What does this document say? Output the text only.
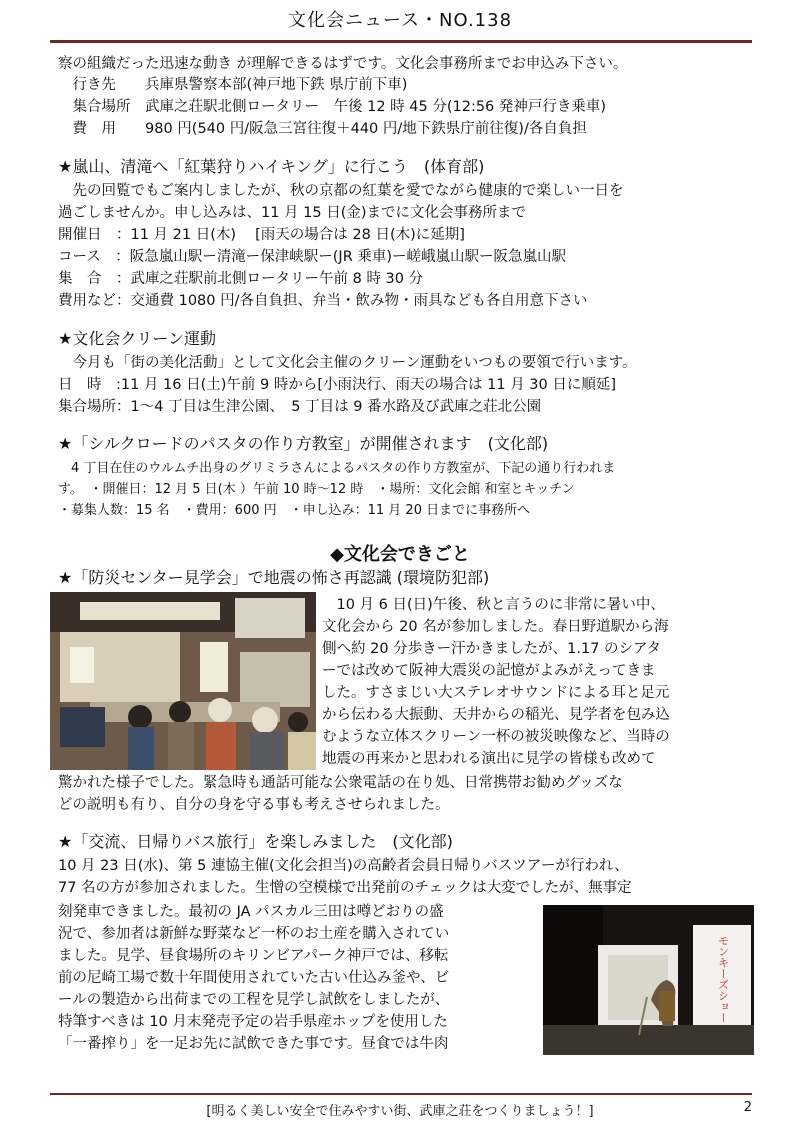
文化会ニュース・NO.138
察の組織だった迅速な動き が理解できるはずです。文化会事務所までお申込み下さい。
　行き先　　兵庫県警察本部(神戸地下鉄 県庁前下車)
　集合場所　武庫之荘駅北側ロータリー　午後 12 時 45 分(12:56 発神戸行き乗車)
　費　用　　980 円(540 円/阪急三宮往復＋440 円/地下鉄県庁前往復)/各自負担
★嵐山、清滝へ「紅葉狩りハイキング」に行こう　(体育部)
　先の回覧でもご案内しましたが、秋の京都の紅葉を愛でながら健康的で楽しい一日を
過ごしませんか。申し込みは、11 月 15 日(金)までに文化会事務所まで
開催日　：11 月 21 日(木)　 [雨天の場合は 28 日(木)に延期]
コース　：阪急嵐山駅ー清滝ー保津峡駅ー(JR 乗車)ー嵯峨嵐山駅ー阪急嵐山駅
集　合　：武庫之荘駅前北側ロータリー午前 8 時 30 分
費用など：交通費 1080 円/各自負担、弁当・飲み物・雨具なども各自用意下さい
★文化会クリーン運動
　今月も「街の美化活動」として文化会主催のクリーン運動をいつもの要領で行います。
日　時　:11 月 16 日(土)午前 9 時から[小雨決行、雨天の場合は 11 月 30 日に順延]
集合場所：1～4 丁目は生津公園、　5 丁目は 9 番水路及び武庫之荘北公園
★「シルクロードのパスタの作り方教室」が開催されます　(文化部)
　4 丁目在住のウルムチ出身のグリミラさんによるパスタの作り方教室が、下記の通り行われま
す。　・開催日：12 月 5 日(木 ）午前 10 時～12 時　・場所：文化会館 和室とキッチン
・募集人数：15 名　・費用：600 円　・申し込み：11 月 20 日までに事務所へ
◆文化会できごと
★「防災センター見学会」で地震の怖さ再認識 (環境防犯部)
　10 月 6 日(日)午後、秋と言うのに非常に暑い中、
文化会から 20 名が参加しました。春日野道駅から海
側へ約 20 分歩きー汗かきましたが、1.17 のシアタ
ーでは改めて阪神大震災の記憶がよみがえってきま
した。すさまじい大ステレオサウンドによる耳と足元
から伝わる大振動、天井からの稲光、見学者を包み込
むような立体スクリーン一杯の被災映像など、当時の
地震の再来かと思われる演出に見学の皆様も改めて
驚かれた様子でした。緊急時も通話可能な公衆電話の在り処、日常携帯お勧めグッズな
どの説明も有り、自分の身を守る事も考えさせられました。
★「交流、日帰りバス旅行」を楽しみました　(文化部)
10 月 23 日(水)、第 5 連協主催(文化会担当)の高齢者会員日帰りバスツアーが行われ、
77 名の方が参加されました。生憎の空模様で出発前のチェックは大変でしたが、無事定
刻発車できました。最初の JA パスカル三田は噂どおりの盛
況で、参加者は新鮮な野菜など一杯のお土産を購入されてい
ました。見学、昼食場所のキリンビアパーク神戸では、移転
前の尼崎工場で数十年間使用されていた古い仕込み釜や、ビ
ールの製造から出荷までの工程を見学し試飲をしましたが、
特筆すべきは 10 月末発売予定の岩手県産ホップを使用した
「一番搾り」を一足お先に試飲できた事です。昼食では牛肉
モンキーズショー
[明るく美しい安全で住みやすい街、武庫之荘をつくりましょう！]	2
